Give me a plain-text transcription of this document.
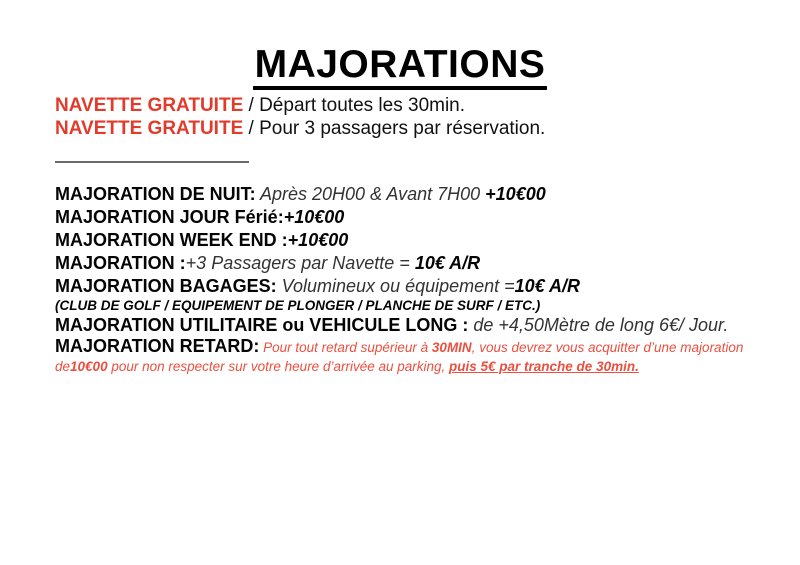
MAJORATIONS
NAVETTE GRATUITE / Départ toutes les 30min.
NAVETTE GRATUITE / Pour 3 passagers par réservation.
MAJORATION DE NUIT: Après 20H00 & Avant 7H00 +10€00
MAJORATION JOUR Férié:+10€00
MAJORATION WEEK END :+10€00
MAJORATION :+3 Passagers par Navette = 10€ A/R
MAJORATION BAGAGES: Volumineux ou équipement =10€ A/R
(CLUB DE GOLF / EQUIPEMENT DE PLONGER / PLANCHE DE SURF / ETC.)
MAJORATION UTILITAIRE ou VEHICULE LONG : de +4,50Mètre de long 6€/ Jour.
MAJORATION RETARD: Pour tout retard supérieur à 30MIN, vous devrez vous acquitter d’une majoration
de10€00 pour non respecter sur votre heure d’arrivée au parking, puis 5€ par tranche de 30min.
